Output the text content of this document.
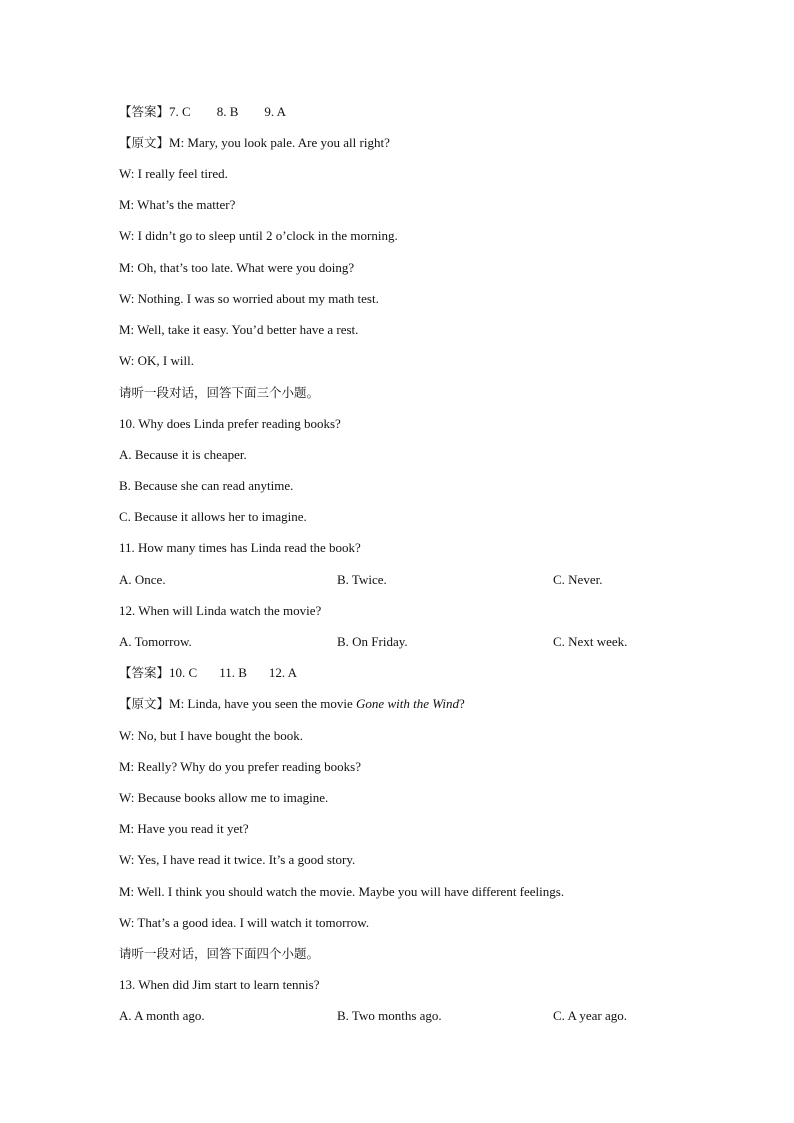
【答案】7. C 8. B 9. A
【原文】M: Mary, you look pale. Are you all right?
W: I really feel tired.
M: What’s the matter?
W: I didn’t go to sleep until 2 o’clock in the morning.
M: Oh, that’s too late. What were you doing?
W: Nothing. I was so worried about my math test.
M: Well, take it easy. You’d better have a rest.
W: OK, I will.
请听一段对话，回答下面三个小题。
10. Why does Linda prefer reading books?
A. Because it is cheaper.
B. Because she can read anytime.
C. Because it allows her to imagine.
11. How many times has Linda read the book?
A. Once.	B. Twice.	C. Never.
12. When will Linda watch the movie?
A. Tomorrow.	B. On Friday.	C. Next week.
【答案】10. C 11. B 12. A
【原文】M: Linda, have you seen the movie Gone with the Wind?
W: No, but I have bought the book.
M: Really? Why do you prefer reading books?
W: Because books allow me to imagine.
M: Have you read it yet?
W: Yes, I have read it twice. It’s a good story.
M: Well. I think you should watch the movie. Maybe you will have different feelings.
W: That’s a good idea. I will watch it tomorrow.
请听一段对话，回答下面四个小题。
13. When did Jim start to learn tennis?
A. A month ago.	B. Two months ago.	C. A year ago.
